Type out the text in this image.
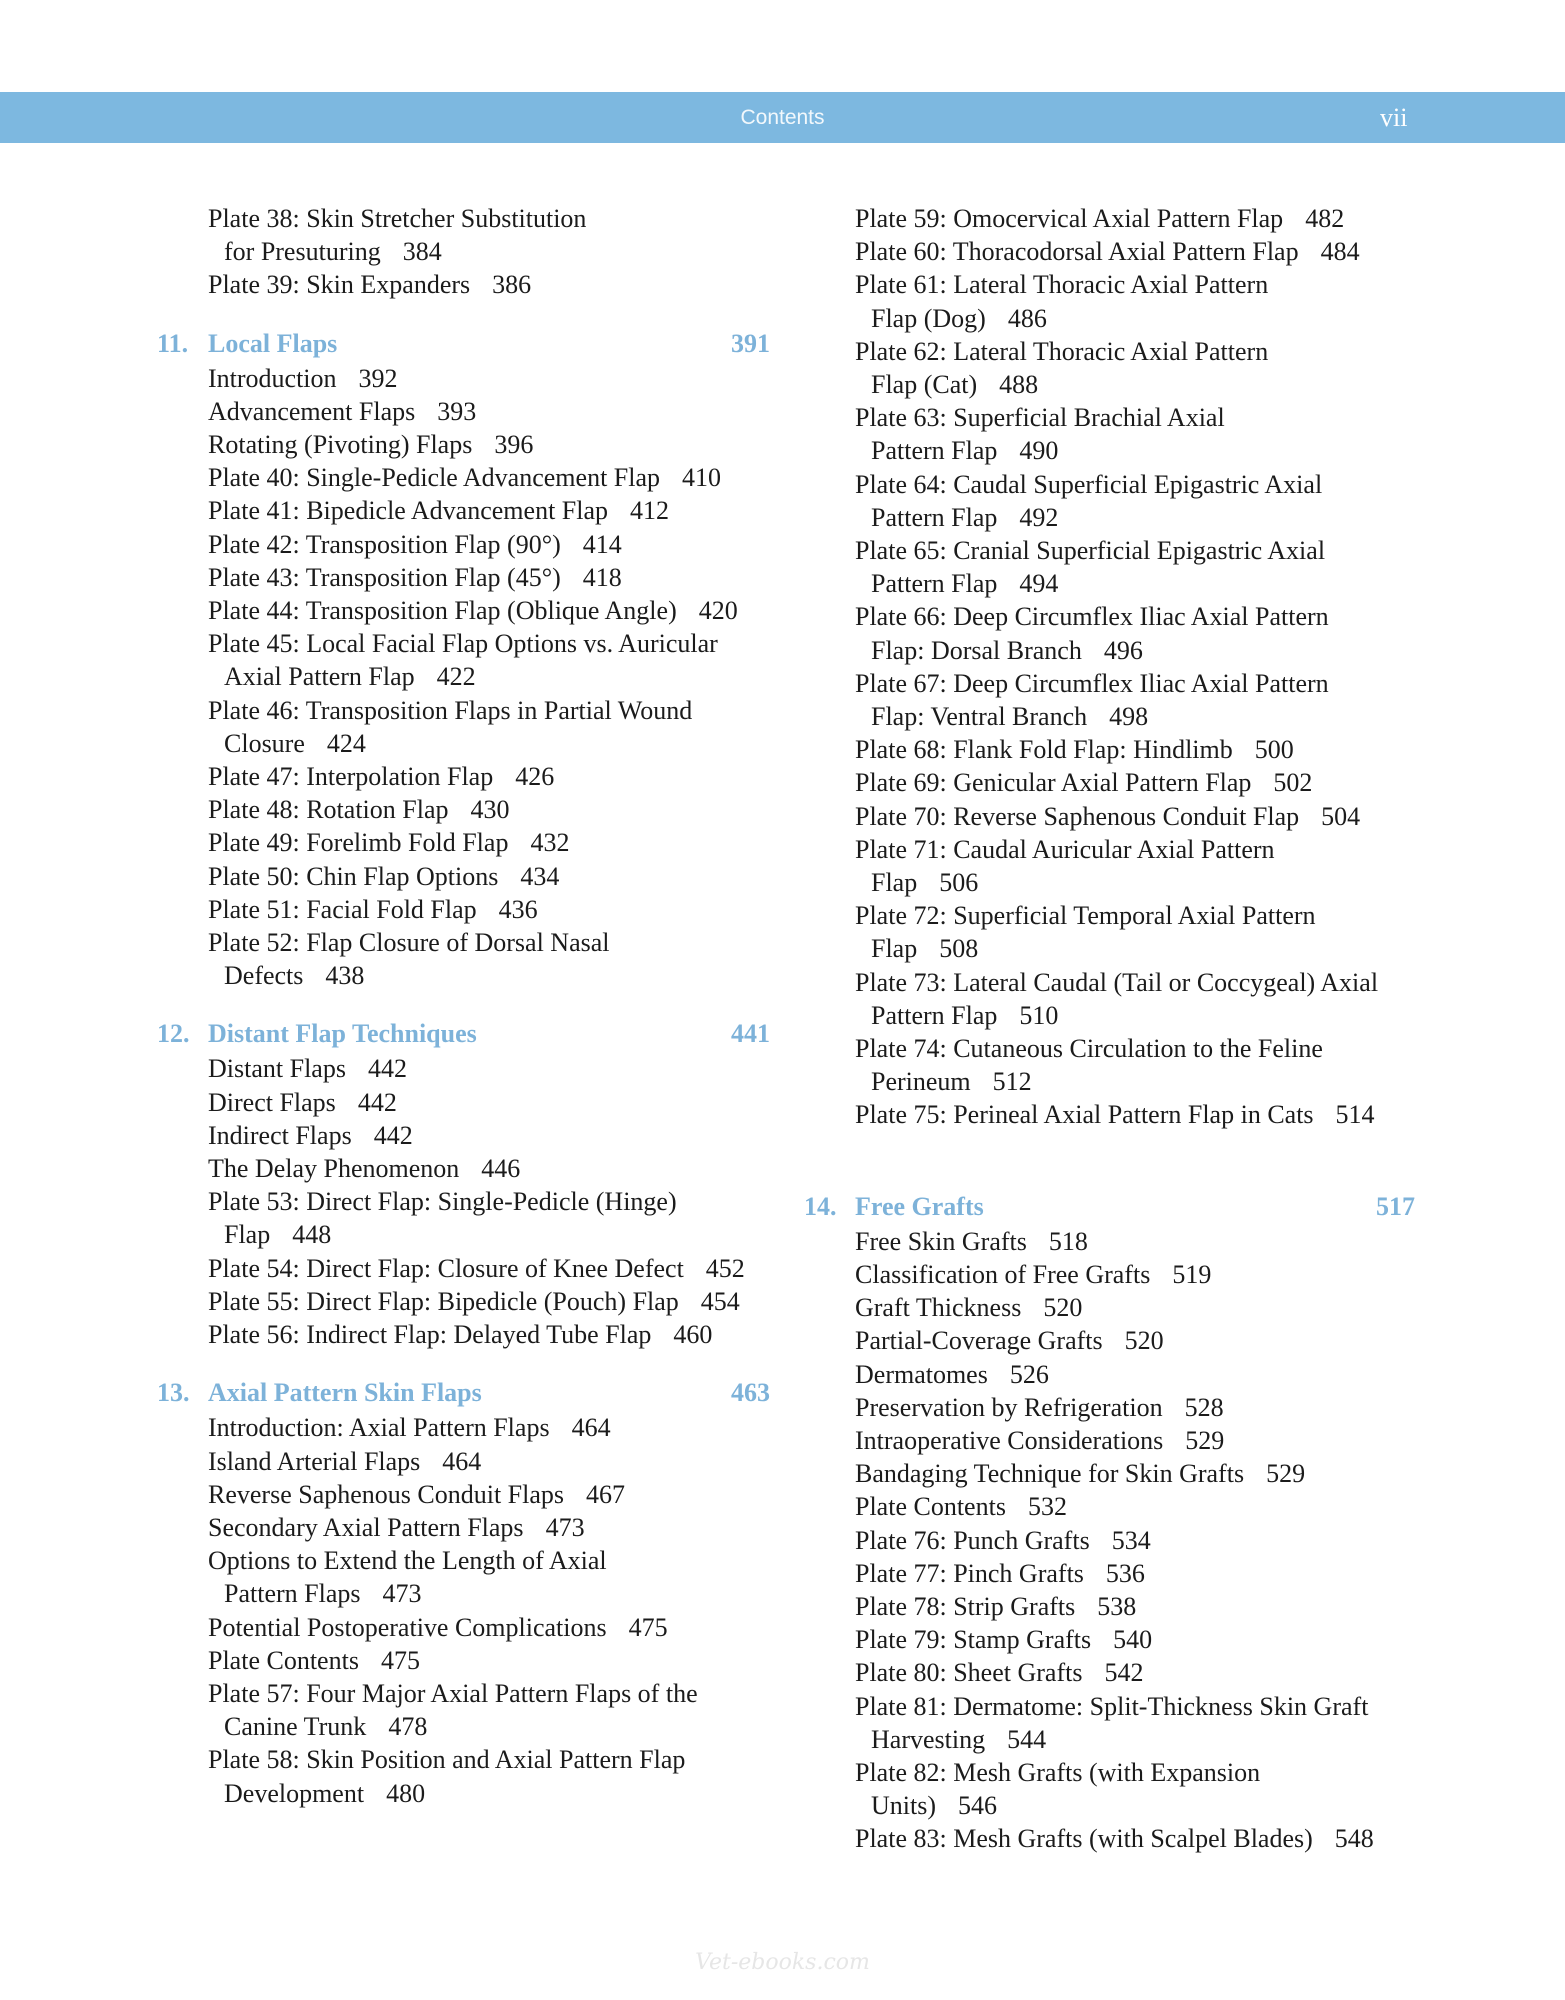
Contents	vii
Plate 38: Skin Stretcher Substitution
for Presuturing 384
Plate 39: Skin Expanders 386
11. Local Flaps	391
Introduction 392
Advancement Flaps 393
Rotating (Pivoting) Flaps 396
Plate 40: Single-Pedicle Advancement Flap 410
Plate 41: Bipedicle Advancement Flap 412
Plate 42: Transposition Flap (90°) 414
Plate 43: Transposition Flap (45°) 418
Plate 44: Transposition Flap (Oblique Angle) 420
Plate 45: Local Facial Flap Options vs. Auricular
Axial Pattern Flap 422
Plate 46: Transposition Flaps in Partial Wound
Closure 424
Plate 47: Interpolation Flap 426
Plate 48: Rotation Flap 430
Plate 49: Forelimb Fold Flap 432
Plate 50: Chin Flap Options 434
Plate 51: Facial Fold Flap 436
Plate 52: Flap Closure of Dorsal Nasal
Defects 438
12. Distant Flap Techniques	441
Distant Flaps 442
Direct Flaps 442
Indirect Flaps 442
The Delay Phenomenon 446
Plate 53: Direct Flap: Single-Pedicle (Hinge)
Flap 448
Plate 54: Direct Flap: Closure of Knee Defect 452
Plate 55: Direct Flap: Bipedicle (Pouch) Flap 454
Plate 56: Indirect Flap: Delayed Tube Flap 460
13. Axial Pattern Skin Flaps	463
Introduction: Axial Pattern Flaps 464
Island Arterial Flaps 464
Reverse Saphenous Conduit Flaps 467
Secondary Axial Pattern Flaps 473
Options to Extend the Length of Axial
Pattern Flaps 473
Potential Postoperative Complications 475
Plate Contents 475
Plate 57: Four Major Axial Pattern Flaps of the
Canine Trunk 478
Plate 58: Skin Position and Axial Pattern Flap
Development 480
Plate 59: Omocervical Axial Pattern Flap 482
Plate 60: Thoracodorsal Axial Pattern Flap 484
Plate 61: Lateral Thoracic Axial Pattern
Flap (Dog) 486
Plate 62: Lateral Thoracic Axial Pattern
Flap (Cat) 488
Plate 63: Superficial Brachial Axial
Pattern Flap 490
Plate 64: Caudal Superficial Epigastric Axial
Pattern Flap 492
Plate 65: Cranial Superficial Epigastric Axial
Pattern Flap 494
Plate 66: Deep Circumflex Iliac Axial Pattern
Flap: Dorsal Branch 496
Plate 67: Deep Circumflex Iliac Axial Pattern
Flap: Ventral Branch 498
Plate 68: Flank Fold Flap: Hindlimb 500
Plate 69: Genicular Axial Pattern Flap 502
Plate 70: Reverse Saphenous Conduit Flap 504
Plate 71: Caudal Auricular Axial Pattern
Flap 506
Plate 72: Superficial Temporal Axial Pattern
Flap 508
Plate 73: Lateral Caudal (Tail or Coccygeal) Axial
Pattern Flap 510
Plate 74: Cutaneous Circulation to the Feline
Perineum 512
Plate 75: Perineal Axial Pattern Flap in Cats 514
14. Free Grafts	517
Free Skin Grafts 518
Classification of Free Grafts 519
Graft Thickness 520
Partial-Coverage Grafts 520
Dermatomes 526
Preservation by Refrigeration 528
Intraoperative Considerations 529
Bandaging Technique for Skin Grafts 529
Plate Contents 532
Plate 76: Punch Grafts 534
Plate 77: Pinch Grafts 536
Plate 78: Strip Grafts 538
Plate 79: Stamp Grafts 540
Plate 80: Sheet Grafts 542
Plate 81: Dermatome: Split-Thickness Skin Graft
Harvesting 544
Plate 82: Mesh Grafts (with Expansion
Units) 546
Plate 83: Mesh Grafts (with Scalpel Blades) 548
Vet-ebooks.com
